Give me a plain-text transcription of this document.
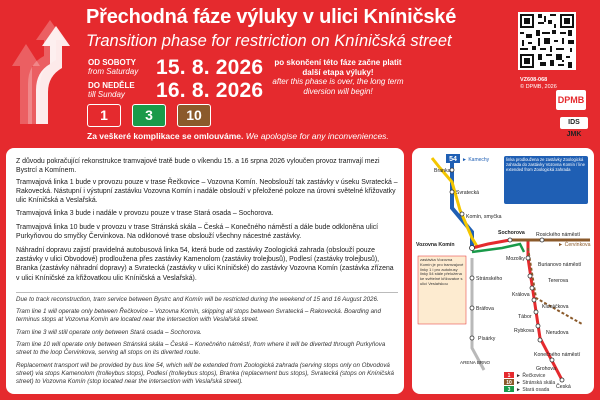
Přechodná fáze výluky v ulici Kníničské
Transition phase for restriction on Kníničská street
OD SOBOTY
from Saturday 15. 8. 2026
DO NEDĚLE
till Sunday	16. 8. 2026
po skončení této fáze začne platit další etapa výluky!
after this phase is over, the long term diversion will begin!
1	3	10
Za veškeré komplikace se omlouváme. We apologise for any inconveniences.
VZ608-068
© DPMB, 2026
DPMB
IDS JMK

Z důvodu pokračující rekonstrukce tramvajové tratě bude o víkendu 15. a 16 srpna 2026 vyloučen provoz tramvají mezi Bystrcí a Komínem.

Tramvajová linka 1 bude v provozu pouze v trase Řečkovice – Vozovna Komín. Neobslouží tak zastávky v úseku Svratecká – Rakovecká. Nástupní i výstupní zastávku Vozovna Komín i nadále obslouží v přeložené poloze na úrovni světelné křižovatky ulic Kníničská a Veslařská.

Tramvajová linka 3 bude i nadále v provozu pouze v trase Stará osada – Sochorova.

Tramvajová linka 10 bude v provozu v trase Stránská skála – Česká – Konečného náměstí a dále bude odkloněna ulicí Purkyňovou do smyčky Červinkova. Na odklonové trase obslouží všechny nácestné zastávky.

Náhradní dopravu zajistí pravidelná autobusová linka 54, která bude od zastávky Zoologická zahrada (obslouží pouze zastávky v ulici Obvodové) prodloužena přes zastávky Kamenolom (zastávky trolejbusů), Podlesí (zastávky trolejbusů), Branka (zastávky náhradní dopravy) a Svratecká (zastávky v ulici Kníničské) do zastávky Vozovna Komín (zastávka zřízena v ulici Kníničské za křižovatkou ulic Kníničská a Veslařská).

Due to track reconstruction, tram service between Bystrc and Komín will be restricted during the weekend of 15 and 16 August 2026.

Tram line 1 will operate only between Řečkovice – Vozovna Komín, skipping all stops between Svratecká – Rakovecká. Boarding and terminus stops at Vozovna Komín are located near the intersection with Veslařská street.

Tram line 3 will still operate only between Stará osada – Sochorova.

Tram line 10 will operate only between Stránská skála – Česká – Konečného náměstí, from where it will be diverted through Purkyňova street to the loop Červinkova, serving all stops on its diverted route.

Replacement transport will be provided by bus line 54, which will be extended from Zoologická zahrada (serving stops only on Obvodová street) via stops Kamenolom (trolleybus stops), Podlesí (trolleybus stops), Branka (replacement bus stops), Svratecká (stops on Kníničská street) to Vozovna Komín (stop located near the intersection with Veslařská street).

54 ► Kamechy	linka prodloužena ze zastávky Zoologická zahrada do zastávky Vozovna Komín / line extended from Zoologická zahrada
zastávka Vozovna Komín je pro tramvajové linky 1 i pro autobusy linky 54 stále přeložena ke světelné křižovatce s ulicí Veslařskou
Branka
Svratecká
Komín, smyčka
Sochorova
Vozovna Komín
Rosického náměstí
► Červinkova
Mozolky
Burianovo náměstí
Tererova
Stránského
Bráfova
Králova
Klusáčkova
Tábor
Rybkova Nerudova
Písárky
Konečného náměstí
Grohova
Česká
ARENA BRNO
1 ► Řečkovice
10 ► Stránská skála
3 ► Stará osada
